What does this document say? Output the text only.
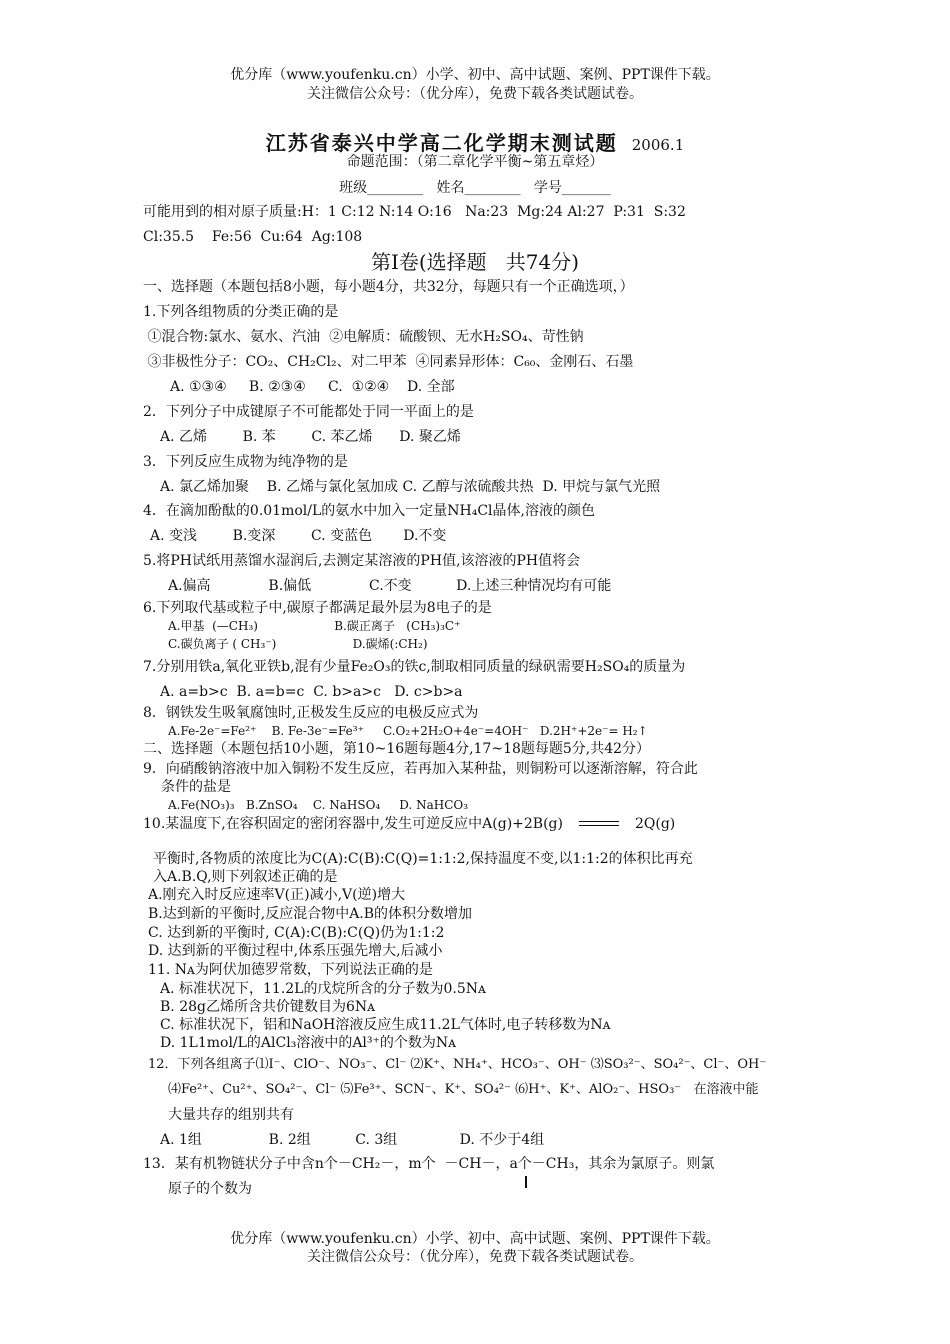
优分库（www.youfenku.cn）小学、初中、高中试题、案例、PPT课件下载。
关注微信公众号：（优分库），免费下载各类试题试卷。
江苏省泰兴中学高二化学期末测试题 2006.1
命题范围：（第二章化学平衡~第五章烃）
班级________   姓名________   学号_______
可能用到的相对原子质量:H：1 C:12 N:14 O:16   Na:23  Mg:24 Al:27  P:31  S:32
Cl:35.5    Fe:56  Cu:64  Ag:108
第Ⅰ卷(选择题   共74分)
一、选择题（本题包括8小题，每小题4分，共32分，每题只有一个正确选项，）
1.下列各组物质的分类正确的是
①混合物:氯水、氨水、汽油  ②电解质：硫酸钡、无水H₂SO₄、苛性钠
③非极性分子：CO₂、CH₂Cl₂、对二甲苯  ④同素异形体：C₆₀、金刚石、石墨
A. ①③④     B. ②③④     C.  ①②④    D. 全部
2．下列分子中成键原子不可能都处于同一平面上的是
A. 乙烯        B. 苯        C. 苯乙烯      D. 聚乙烯
3．下列反应生成物为纯净物的是
A. 氯乙烯加聚    B. 乙烯与氯化氢加成 C. 乙醇与浓硫酸共热  D. 甲烷与氯气光照
4．在滴加酚酞的0.01mol/L的氨水中加入一定量NH₄Cl晶体,溶液的颜色
A. 变浅        B.变深        C. 变蓝色       D.不变
5.将PH试纸用蒸馏水湿润后,去测定某溶液的PH值,该溶液的PH值将会
A.偏高             B.偏低             C.不变          D.上述三种情况均有可能
6.下列取代基或粒子中,碳原子都满足最外层为8电子的是
A.甲基  (—CH₃)                    B.碳正离子   (CH₃)₃C⁺
C.碳负离子 ( CH₃⁻)                    D.碳烯(:CH₂)
7.分别用铁a,氧化亚铁b,混有少量Fe₂O₃的铁c,制取相同质量的绿矾需要H₂SO₄的质量为
A. a=b>c  B. a=b=c  C. b>a>c   D. c>b>a
8．钢铁发生吸氧腐蚀时,正极发生反应的电极反应式为
A.Fe-2e⁻=Fe²⁺    B. Fe-3e⁻=Fe³⁺     C.O₂+2H₂O+4e⁻=4OH⁻   D.2H⁺+2e⁻= H₂↑
二、选择题（本题包括10小题，第10~16题每题4分,17~18题每题5分,共42分）
9．向硝酸钠溶液中加入铜粉不发生反应，若再加入某种盐，则铜粉可以逐渐溶解，符合此
条件的盐是
A.Fe(NO₃)₃   B.ZnSO₄    C. NaHSO₄     D. NaHCO₃
10.某温度下,在容积固定的密闭容器中,发生可逆反应中A(g)+2B(g)	2Q(g)
平衡时,各物质的浓度比为C(A):C(B):C(Q)=1:1:2,保持温度不变,以1:1:2的体积比再充
入A.B.Q,则下列叙述正确的是
A.刚充入时反应速率V(正)减小,V(逆)增大
B.达到新的平衡时,反应混合物中A.B的体积分数增加
C. 达到新的平衡时, C(A):C(B):C(Q)仍为1:1:2
D. 达到新的平衡过程中,体系压强先增大,后减小
11. Nᴀ为阿伏加德罗常数，下列说法正确的是
A. 标准状况下，11.2L的戊烷所含的分子数为0.5Nᴀ
B. 28g乙烯所含共价键数目为6Nᴀ
C. 标准状况下，铝和NaOH溶液反应生成11.2L气体时,电子转移数为Nᴀ
D. 1L1mol/L的AlCl₃溶液中的Al³⁺的个数为Nᴀ
12．下列各组离子⑴I⁻、ClO⁻、NO₃⁻、Cl⁻ ⑵K⁺、NH₄⁺、HCO₃⁻、OH⁻ ⑶SO₃²⁻、SO₄²⁻、Cl⁻、OH⁻
⑷Fe²⁺、Cu²⁺、SO₄²⁻、Cl⁻ ⑸Fe³⁺、SCN⁻、K⁺、SO₄²⁻ ⑹H⁺、K⁺、AlO₂⁻、HSO₃⁻   在溶液中能
大量共存的组别共有
A. 1组               B. 2组          C. 3组              D. 不少于4组
13．某有机物链状分子中含n个－CH₂－，m个  －CH－，a个－CH₃，其余为氯原子。则氯
原子的个数为
优分库（www.youfenku.cn）小学、初中、高中试题、案例、PPT课件下载。
关注微信公众号：（优分库），免费下载各类试题试卷。
